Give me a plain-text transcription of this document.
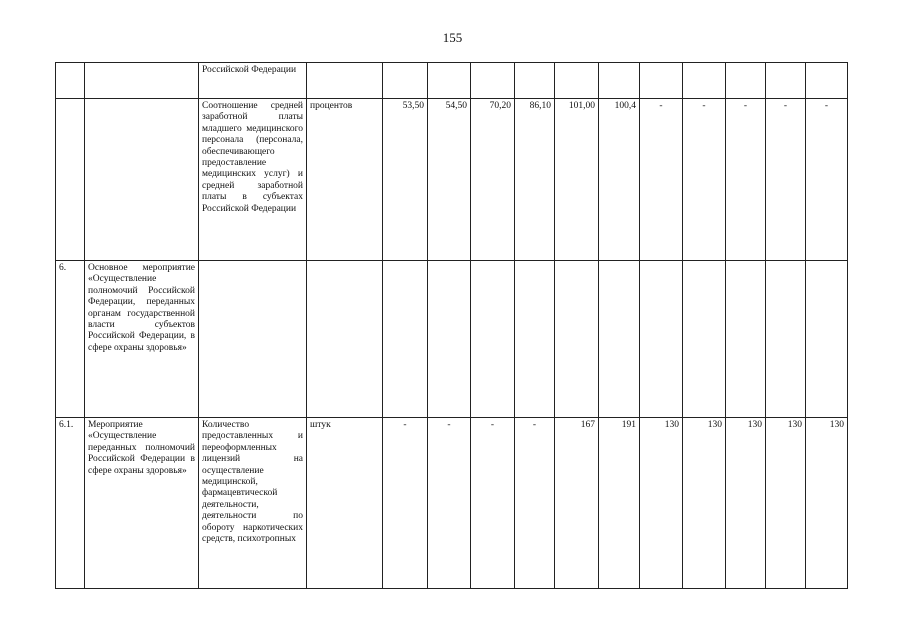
155
		Российской Федерации												
		Соотношение средней заработной платы младшего медицинского персонала (персонала, обеспечивающего предоставление медицинских услуг) и средней заработной платы в субъектах Российской Федерации	процентов	53,50	54,50	70,20	86,10	101,00	100,4	-	-	-	-	-
6.	Основное мероприятие «Осуществление полномочий Российской Федерации, переданных органам государственной власти субъектов Российской Федерации, в сфере охраны здоровья»													
6.1.	Мероприятие «Осуществление переданных полномочий Российской Федерации в сфере охраны здоровья»	Количество предоставленных и переоформленных лицензий на осуществление медицинской, фармацевтической деятельности, деятельности по обороту наркотических средств, психотропных	штук	-	-	-	-	167	191	130	130	130	130	130
